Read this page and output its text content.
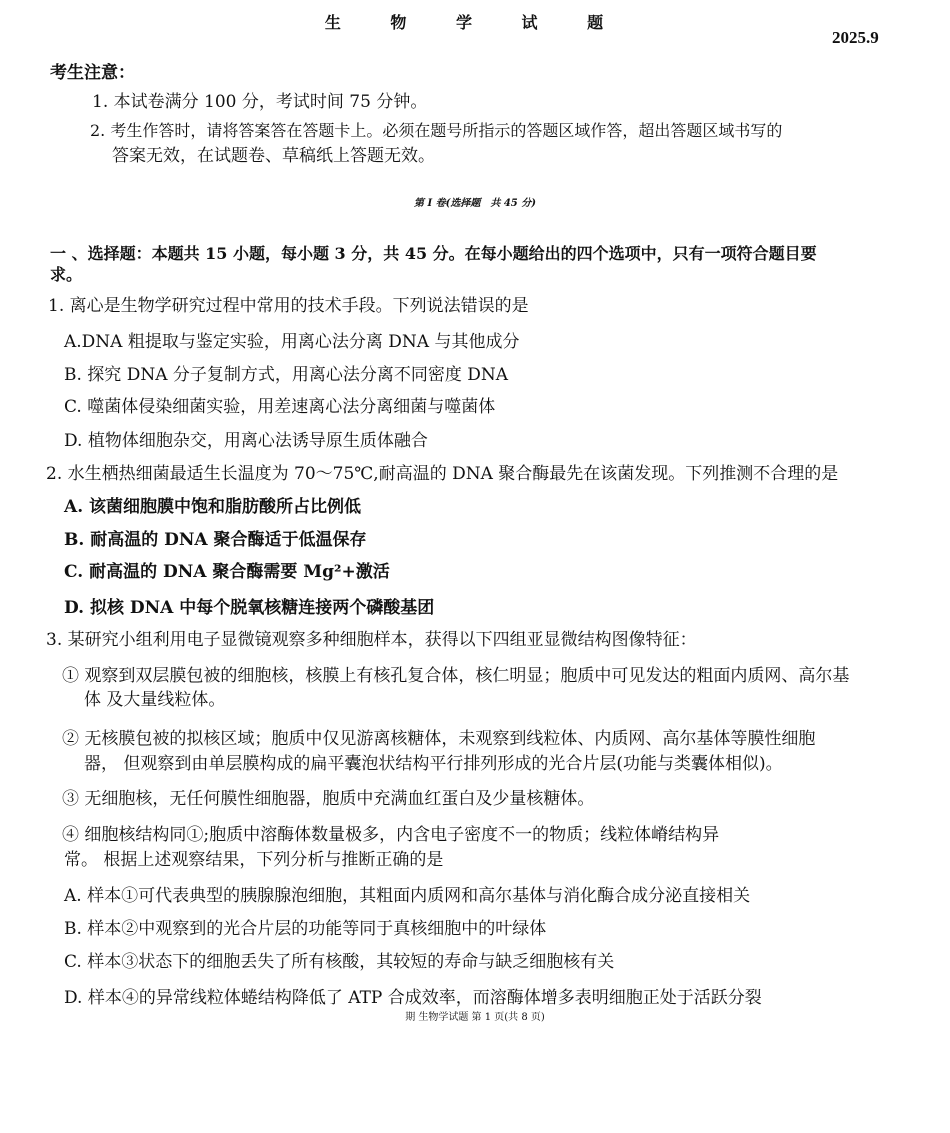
生 物 学 试 题
2025.9
考生注意：
1. 本试卷满分 100 分，考试时间 75 分钟。
2. 考生作答时，请将答案答在答题卡上。必须在题号所指示的答题区域作答，超出答题区域书写的
答案无效，在试题卷、草稿纸上答题无效。
第 I 卷(选择题　共 45 分)
一 、选择题：本题共 15 小题，每小题 3 分，共 45 分。在每小题给出的四个选项中，只有一项符合题目要
求。
1. 离心是生物学研究过程中常用的技术手段。下列说法错误的是
A.DNA 粗提取与鉴定实验，用离心法分离 DNA 与其他成分
B. 探究 DNA 分子复制方式，用离心法分离不同密度 DNA
C. 噬菌体侵染细菌实验，用差速离心法分离细菌与噬菌体
D. 植物体细胞杂交，用离心法诱导原生质体融合
2. 水生栖热细菌最适生长温度为 70～75℃,耐高温的 DNA 聚合酶最先在该菌发现。下列推测不合理的是
A. 该菌细胞膜中饱和脂肪酸所占比例低
B. 耐高温的 DNA 聚合酶适于低温保存
C. 耐高温的 DNA 聚合酶需要 Mg²+激活
D. 拟核 DNA 中每个脱氧核糖连接两个磷酸基团
3. 某研究小组利用电子显微镜观察多种细胞样本，获得以下四组亚显微结构图像特征：
① 观察到双层膜包被的细胞核，核膜上有核孔复合体，核仁明显；胞质中可见发达的粗面内质网、高尔基
体 及大量线粒体。
② 无核膜包被的拟核区域；胞质中仅见游离核糖体，未观察到线粒体、内质网、高尔基体等膜性细胞
器， 但观察到由单层膜构成的扁平囊泡状结构平行排列形成的光合片层(功能与类囊体相似)。
③ 无细胞核，无任何膜性细胞器，胞质中充满血红蛋白及少量核糖体。
④ 细胞核结构同①;胞质中溶酶体数量极多，内含电子密度不一的物质；线粒体嵴结构异
常。 根据上述观察结果，下列分析与推断正确的是
A. 样本①可代表典型的胰腺腺泡细胞，其粗面内质网和高尔基体与消化酶合成分泌直接相关
B. 样本②中观察到的光合片层的功能等同于真核细胞中的叶绿体
C. 样本③状态下的细胞丢失了所有核酸，其较短的寿命与缺乏细胞核有关
D. 样本④的异常线粒体蜷结构降低了 ATP 合成效率，而溶酶体增多表明细胞正处于活跃分裂
期 生物学试题 第 1 页(共 8 页)
